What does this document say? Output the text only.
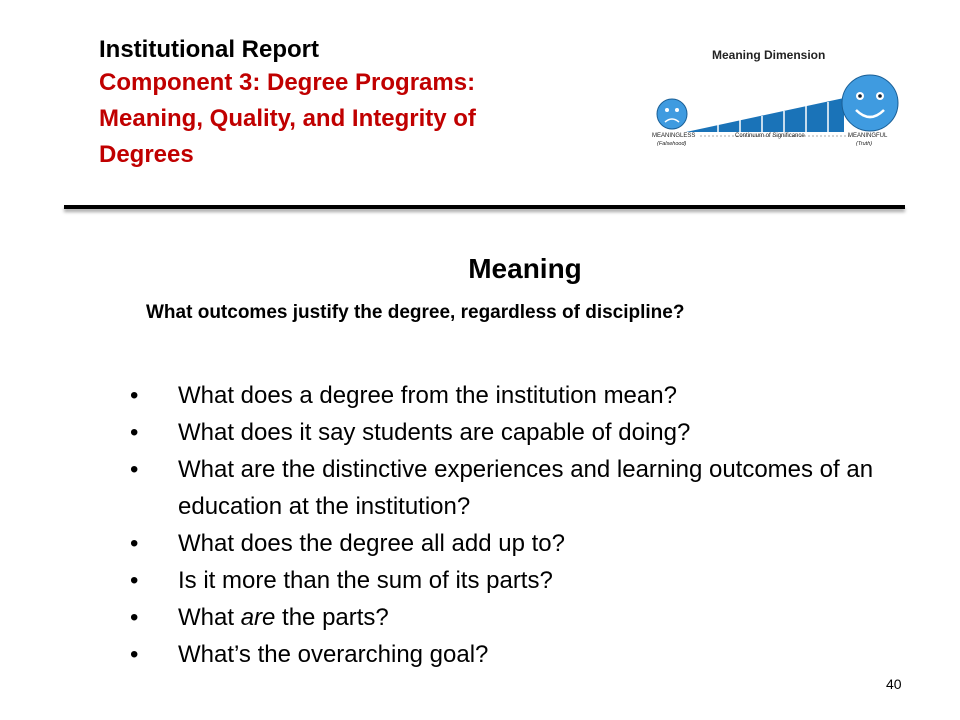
Institutional Report
Component 3: Degree Programs:
Meaning, Quality, and Integrity of
Degrees
Meaning Dimension
MEANINGLESS
(Falsehood)
Continuum of Significance	MEANINGFUL
(Truth)
Meaning
What outcomes justify the degree, regardless of discipline?
• What does a degree from the institution mean?
• What does it say students are capable of doing?
• What are the distinctive experiences and learning outcomes of an education at the institution?
• What does the degree all add up to?
• Is it more than the sum of its parts?
• What are the parts?
• What’s the overarching goal?
40
